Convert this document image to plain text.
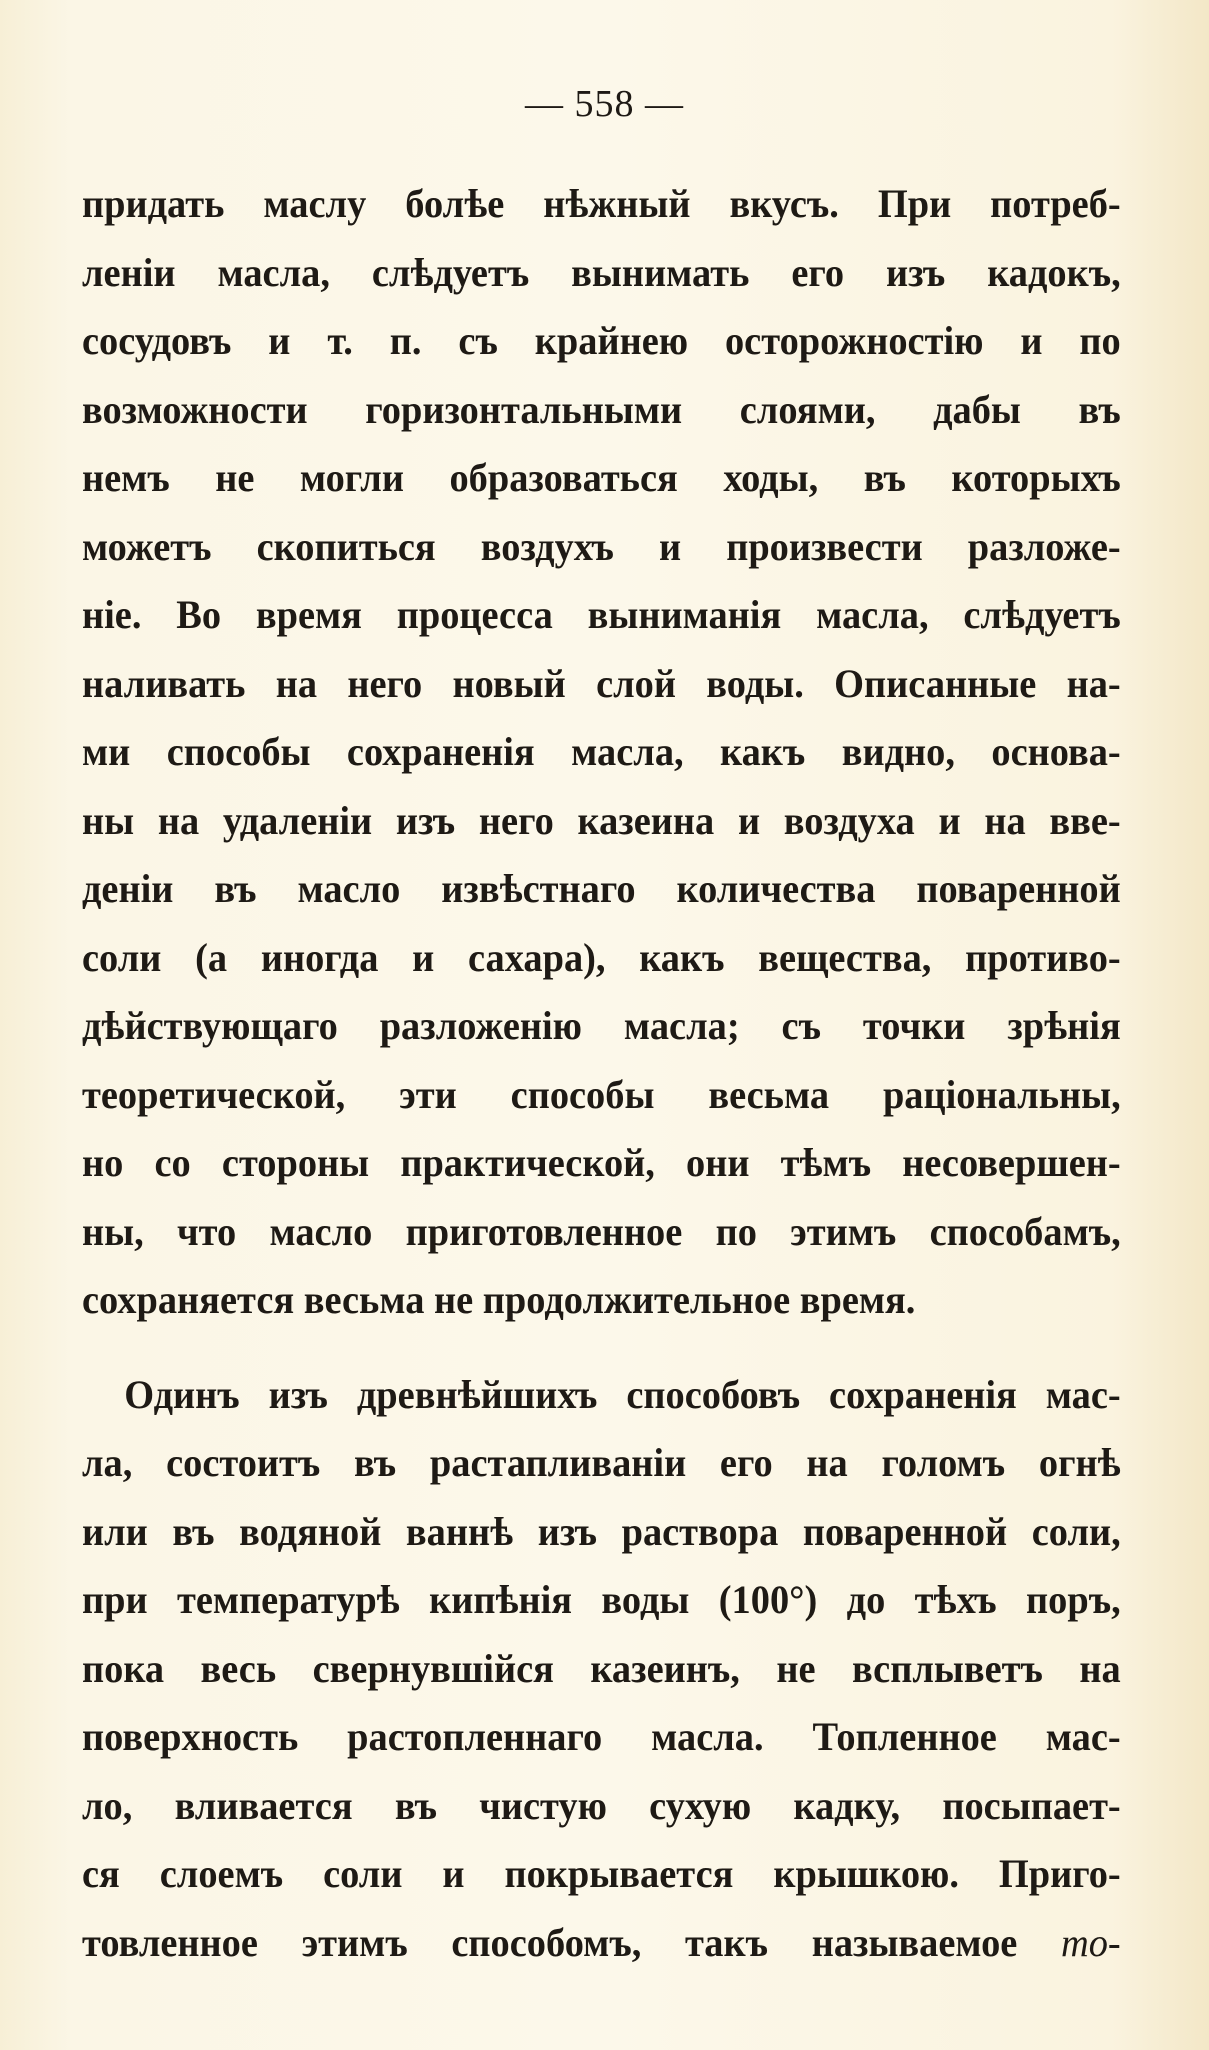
— 558 —
придать маслу болѣе нѣжный вкусъ. При потреб-
леніи масла, слѣдуетъ вынимать его изъ кадокъ,
сосудовъ и т. п. съ крайнею осторожностію и по
возможности горизонтальными слоями, дабы въ
немъ не могли образоваться ходы, въ которыхъ
можетъ скопиться воздухъ и произвести разложе-
ніе. Во время процесса выниманія масла, слѣдуетъ
наливать на него новый слой воды. Описанные на-
ми способы сохраненія масла, какъ видно, основа-
ны на удаленіи изъ него казеина и воздуха и на вве-
деніи въ масло извѣстнаго количества поваренной
соли (а иногда и сахара), какъ вещества, противо-
дѣйствующаго разложенію масла; съ точки зрѣнія
теоретической, эти способы весьма раціональны,
но со стороны практической, они тѣмъ несовершен-
ны, что масло приготовленное по этимъ способамъ,
сохраняется весьма не продолжительное время.
Одинъ изъ древнѣйшихъ способовъ сохраненія мас-
ла, состоитъ въ растапливаніи его на голомъ огнѣ
или въ водяной ваннѣ изъ раствора поваренной соли,
при температурѣ кипѣнія воды (100°) до тѣхъ поръ,
пока весь свернувшійся казеинъ, не всплыветъ на
поверхность растопленнаго масла. Топленное мас-
ло, вливается въ чистую сухую кадку, посыпает-
ся слоемъ соли и покрывается крышкою. Приго-
товленное этимъ способомъ, такъ называемое то-
